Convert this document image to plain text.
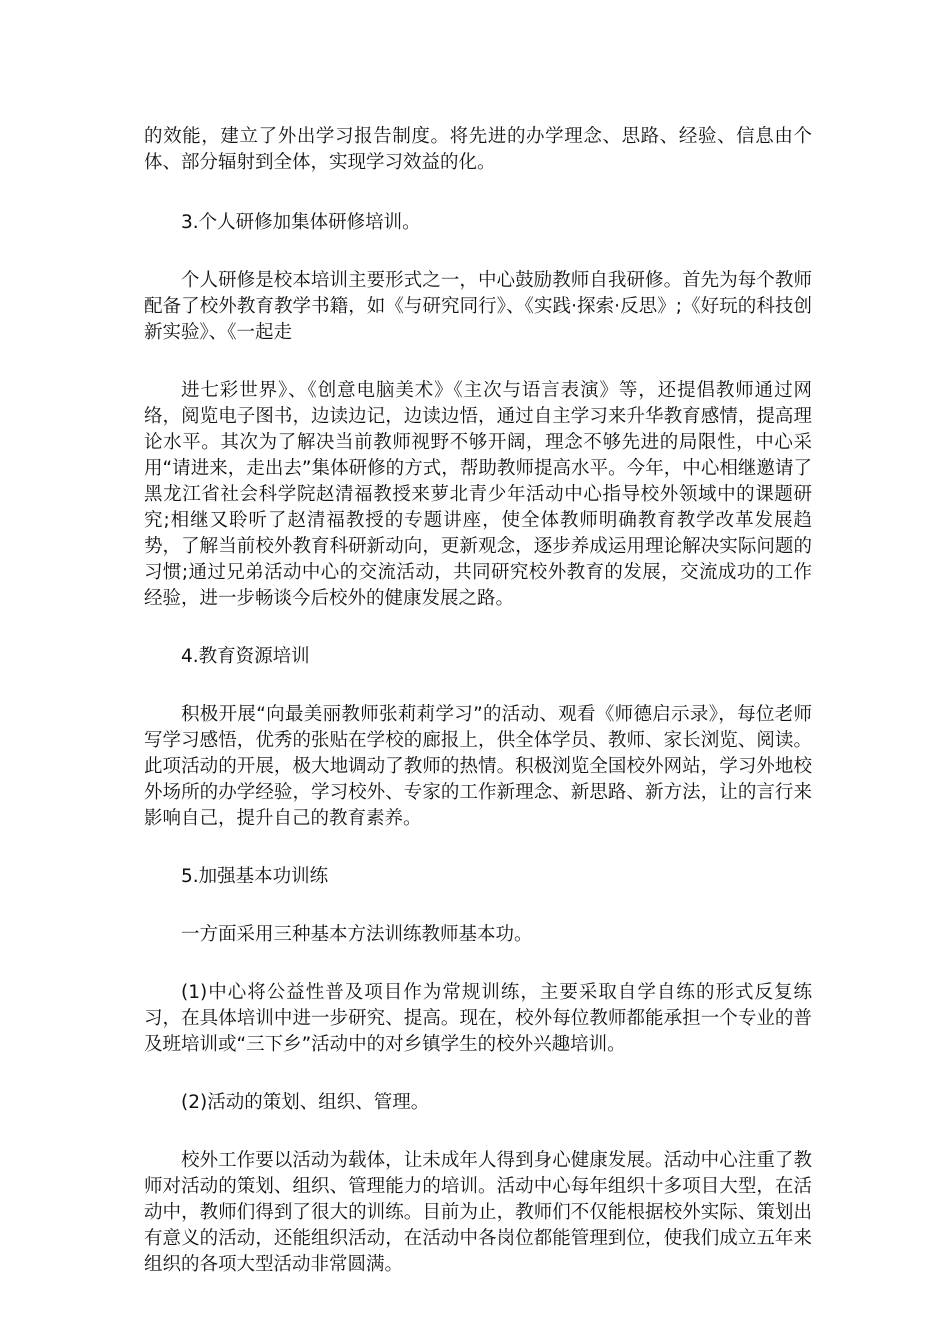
的效能，建立了外出学习报告制度。将先进的办学理念、思路、经验、信息由个体、部分辐射到全体，实现学习效益的化。

3.个人研修加集体研修培训。

个人研修是校本培训主要形式之一，中心鼓励教师自我研修。首先为每个教师配备了校外教育教学书籍，如《与研究同行》、《实践·探索·反思》;《好玩的科技创新实验》、《一起走

进七彩世界》、《创意电脑美术》《主次与语言表演》等，还提倡教师通过网络，阅览电子图书，边读边记，边读边悟，通过自主学习来升华教育感情，提高理论水平。其次为了解决当前教师视野不够开阔，理念不够先进的局限性，中心采用“请进来，走出去”集体研修的方式，帮助教师提高水平。今年，中心相继邀请了黑龙江省社会科学院赵清福教授来萝北青少年活动中心指导校外领域中的课题研究;相继又聆听了赵清福教授的专题讲座，使全体教师明确教育教学改革发展趋势，了解当前校外教育科研新动向，更新观念，逐步养成运用理论解决实际问题的习惯;通过兄弟活动中心的交流活动，共同研究校外教育的发展，交流成功的工作经验，进一步畅谈今后校外的健康发展之路。

4.教育资源培训

积极开展“向最美丽教师张莉莉学习”的活动、观看《师德启示录》，每位老师写学习感悟，优秀的张贴在学校的廊报上，供全体学员、教师、家长浏览、阅读。此项活动的开展，极大地调动了教师的热情。积极浏览全国校外网站，学习外地校外场所的办学经验，学习校外、专家的工作新理念、新思路、新方法，让的言行来影响自己，提升自己的教育素养。

5.加强基本功训练

一方面采用三种基本方法训练教师基本功。

(1)中心将公益性普及项目作为常规训练，主要采取自学自练的形式反复练习，在具体培训中进一步研究、提高。现在，校外每位教师都能承担一个专业的普及班培训或“三下乡”活动中的对乡镇学生的校外兴趣培训。

(2)活动的策划、组织、管理。

校外工作要以活动为载体，让未成年人得到身心健康发展。活动中心注重了教师对活动的策划、组织、管理能力的培训。活动中心每年组织十多项目大型，在活动中，教师们得到了很大的训练。目前为止，教师们不仅能根据校外实际、策划出有意义的活动，还能组织活动，在活动中各岗位都能管理到位，使我们成立五年来组织的各项大型活动非常圆满。
